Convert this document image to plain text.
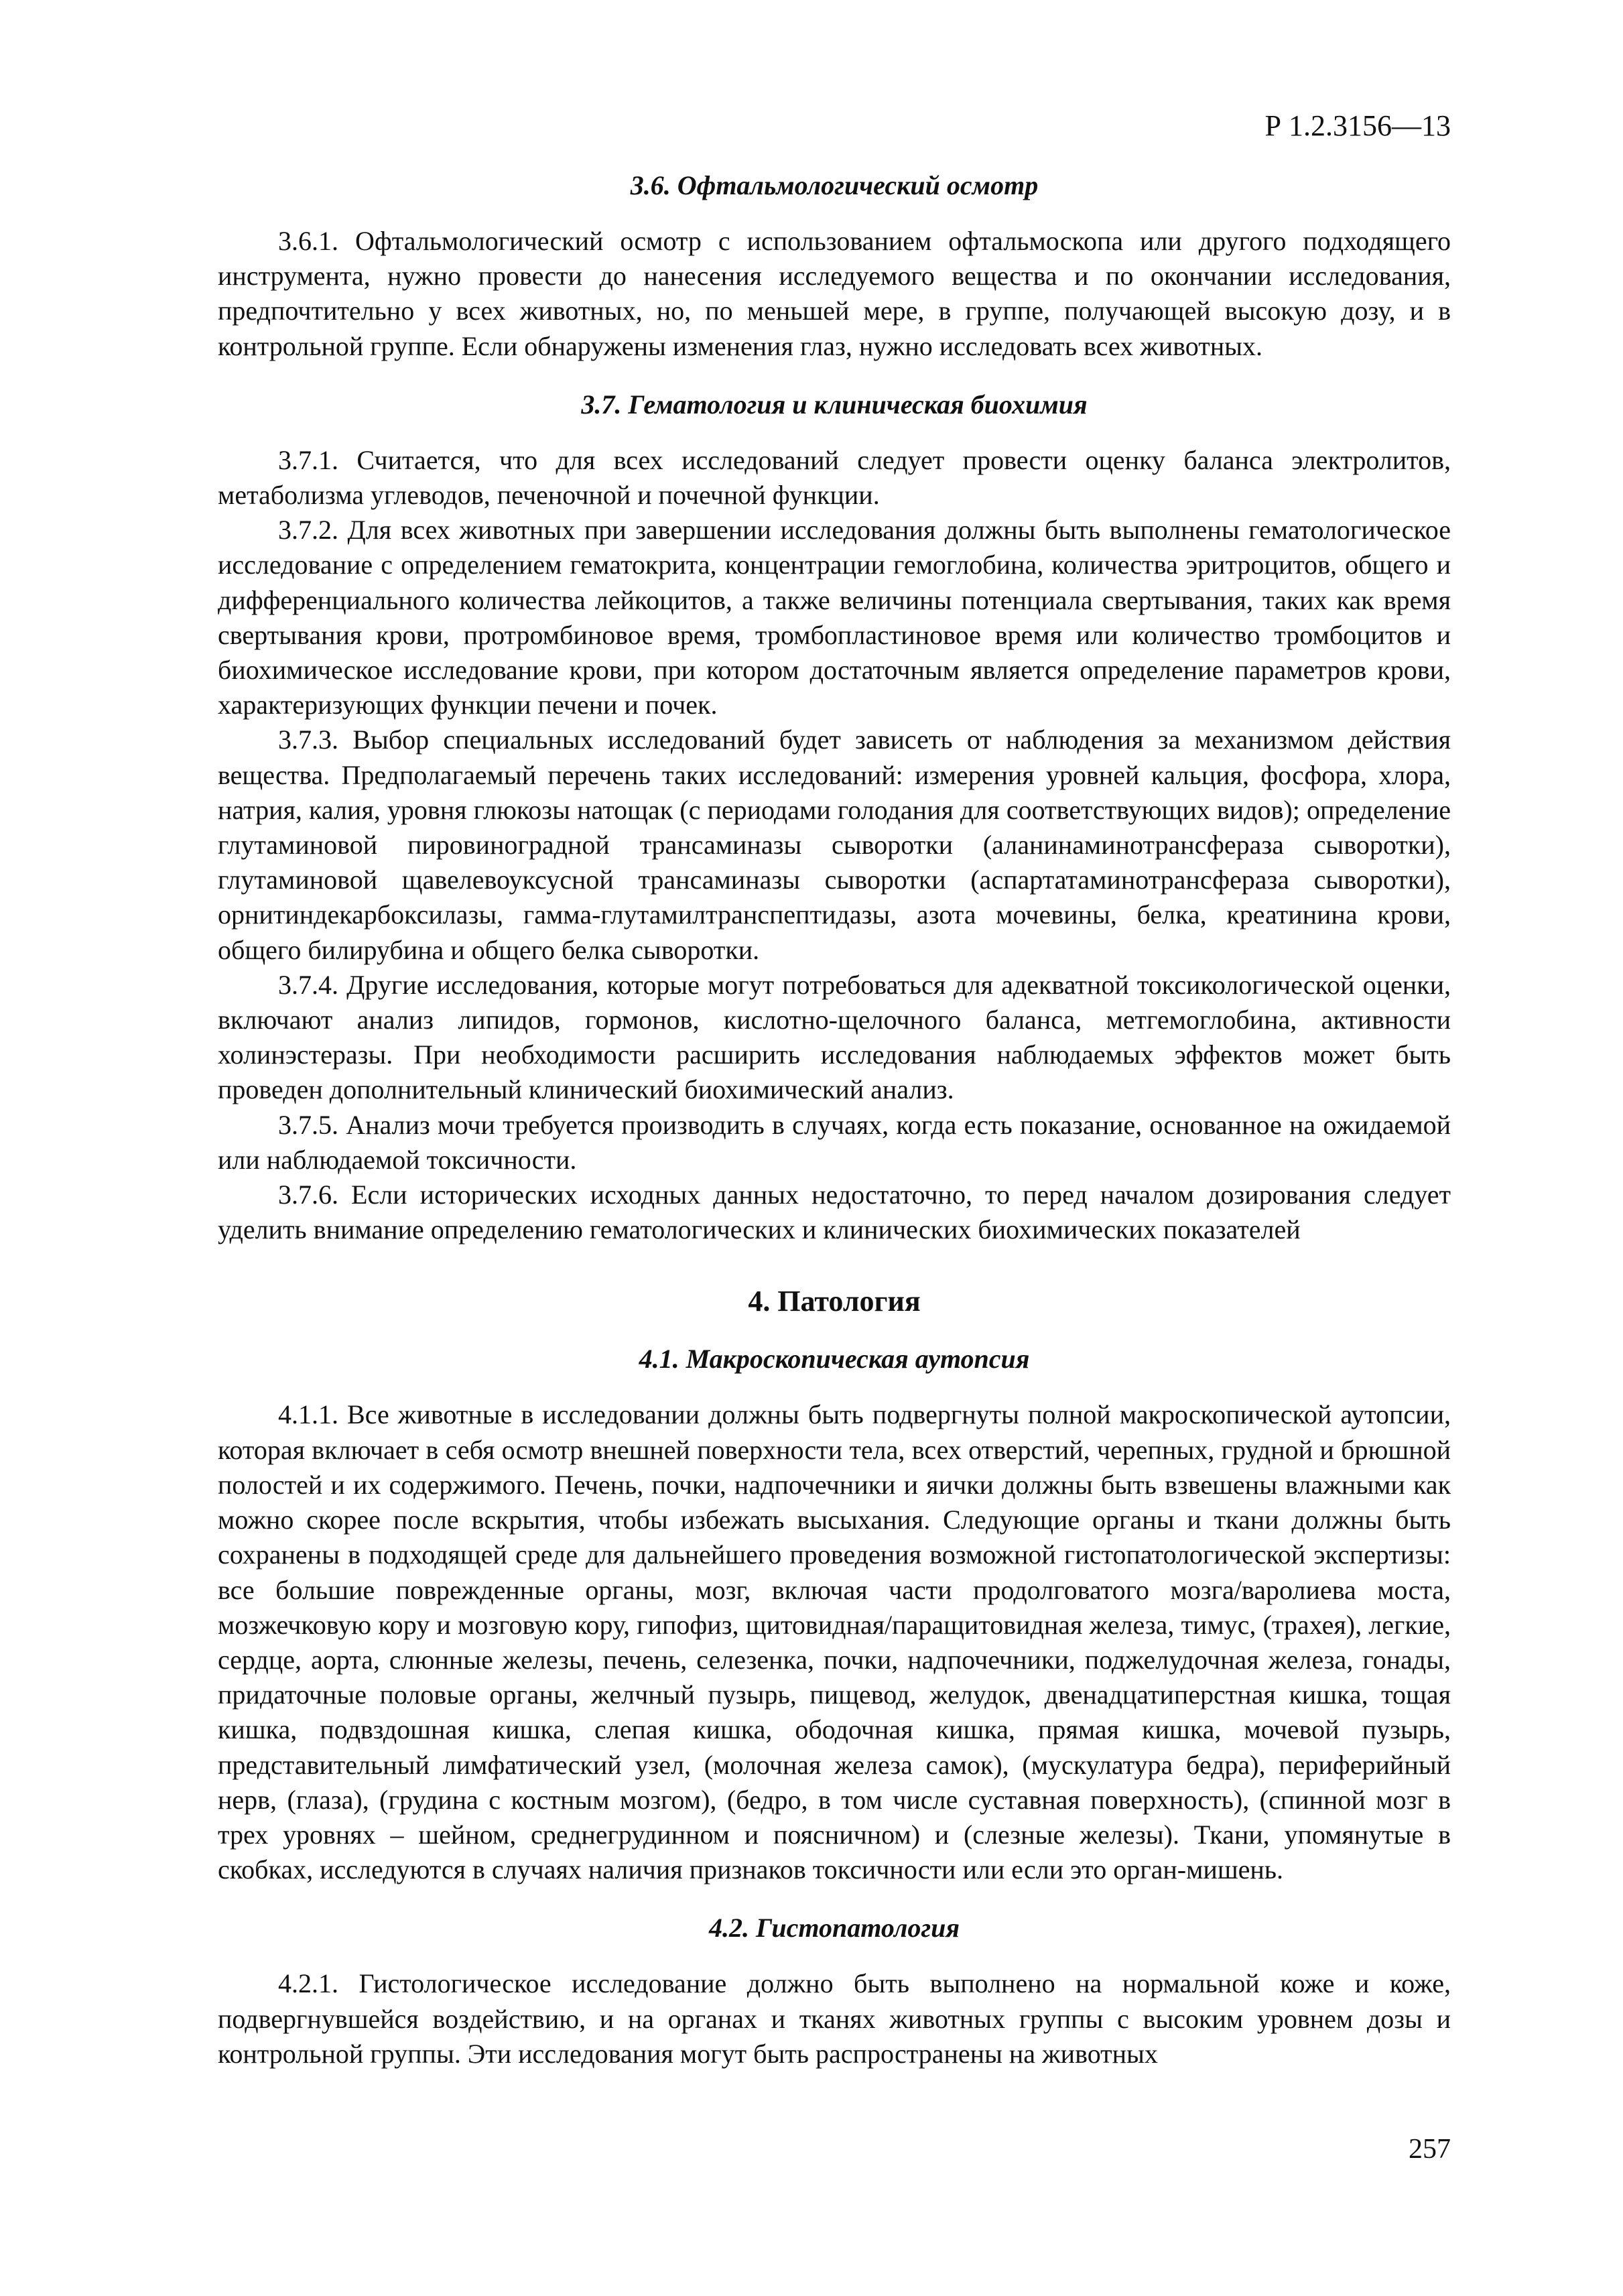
Р 1.2.3156—13
3.6. Офтальмологический осмотр

3.6.1. Офтальмологический осмотр с использованием офтальмоскопа или другого подходящего инструмента, нужно провести до нанесения исследуемого вещества и по окончании исследования, предпочтительно у всех животных, но, по меньшей мере, в группе, получающей высокую дозу, и в контрольной группе. Если обнаружены изменения глаз, нужно исследовать всех животных.

3.7. Гематология и клиническая биохимия

3.7.1. Считается, что для всех исследований следует провести оценку баланса электролитов, метаболизма углеводов, печеночной и почечной функции.

3.7.2. Для всех животных при завершении исследования должны быть выполнены гематологическое исследование с определением гематокрита, концентрации гемоглобина, количества эритроцитов, общего и дифференциального количества лейкоцитов, а также величины потенциала свертывания, таких как время свертывания крови, протромбиновое время, тромбопластиновое время или количество тромбоцитов и биохимическое исследование крови, при котором достаточным является определение параметров крови, характеризующих функции печени и почек.

3.7.3. Выбор специальных исследований будет зависеть от наблюдения за механизмом действия вещества. Предполагаемый перечень таких исследований: измерения уровней кальция, фосфора, хлора, натрия, калия, уровня глюкозы натощак (с периодами голодания для соответствующих видов); определение глутаминовой пировиноградной трансаминазы сыворотки (аланинаминотрансфераза сыворотки), глутаминовой щавелевоуксусной трансаминазы сыворотки (аспартатаминотрансфераза сыворотки), орнитиндекарбоксилазы, гамма-глутамилтранспептидазы, азота мочевины, белка, креатинина крови, общего билирубина и общего белка сыворотки.

3.7.4. Другие исследования, которые могут потребоваться для адекватной токсикологической оценки, включают анализ липидов, гормонов, кислотно-щелочного баланса, метгемоглобина, активности холинэстеразы. При необходимости расширить исследования наблюдаемых эффектов может быть проведен дополнительный клинический биохимический анализ.

3.7.5. Анализ мочи требуется производить в случаях, когда есть показание, основанное на ожидаемой или наблюдаемой токсичности.

3.7.6. Если исторических исходных данных недостаточно, то перед началом дозирования следует уделить внимание определению гематологических и клинических биохимических показателей

4. Патология
4.1. Макроскопическая аутопсия

4.1.1. Все животные в исследовании должны быть подвергнуты полной макроскопической аутопсии, которая включает в себя осмотр внешней поверхности тела, всех отверстий, черепных, грудной и брюшной полостей и их содержимого. Печень, почки, надпочечники и яички должны быть взвешены влажными как можно скорее после вскрытия, чтобы избежать высыхания. Следующие органы и ткани должны быть сохранены в подходящей среде для дальнейшего проведения возможной гистопатологической экспертизы: все большие поврежденные органы, мозг, включая части продолговатого мозга/варолиева моста, мозжечковую кору и мозговую кору, гипофиз, щитовидная/паращитовидная железа, тимус, (трахея), легкие, сердце, аорта, слюнные железы, печень, селезенка, почки, надпочечники, поджелудочная железа, гонады, придаточные половые органы, желчный пузырь, пищевод, желудок, двенадцатиперстная кишка, тощая кишка, подвздошная кишка, слепая кишка, ободочная кишка, прямая кишка, мочевой пузырь, представительный лимфатический узел, (молочная железа самок), (мускулатура бедра), периферийный нерв, (глаза), (грудина с костным мозгом), (бедро, в том числе суставная поверхность), (спинной мозг в трех уровнях – шейном, среднегрудинном и поясничном) и (слезные железы). Ткани, упомянутые в скобках, исследуются в случаях наличия признаков токсичности или если это орган-мишень.

4.2. Гистопатология

4.2.1. Гистологическое исследование должно быть выполнено на нормальной коже и коже, подвергнувшейся воздействию, и на органах и тканях животных группы с высоким уровнем дозы и контрольной группы. Эти исследования могут быть распространены на животных

257
